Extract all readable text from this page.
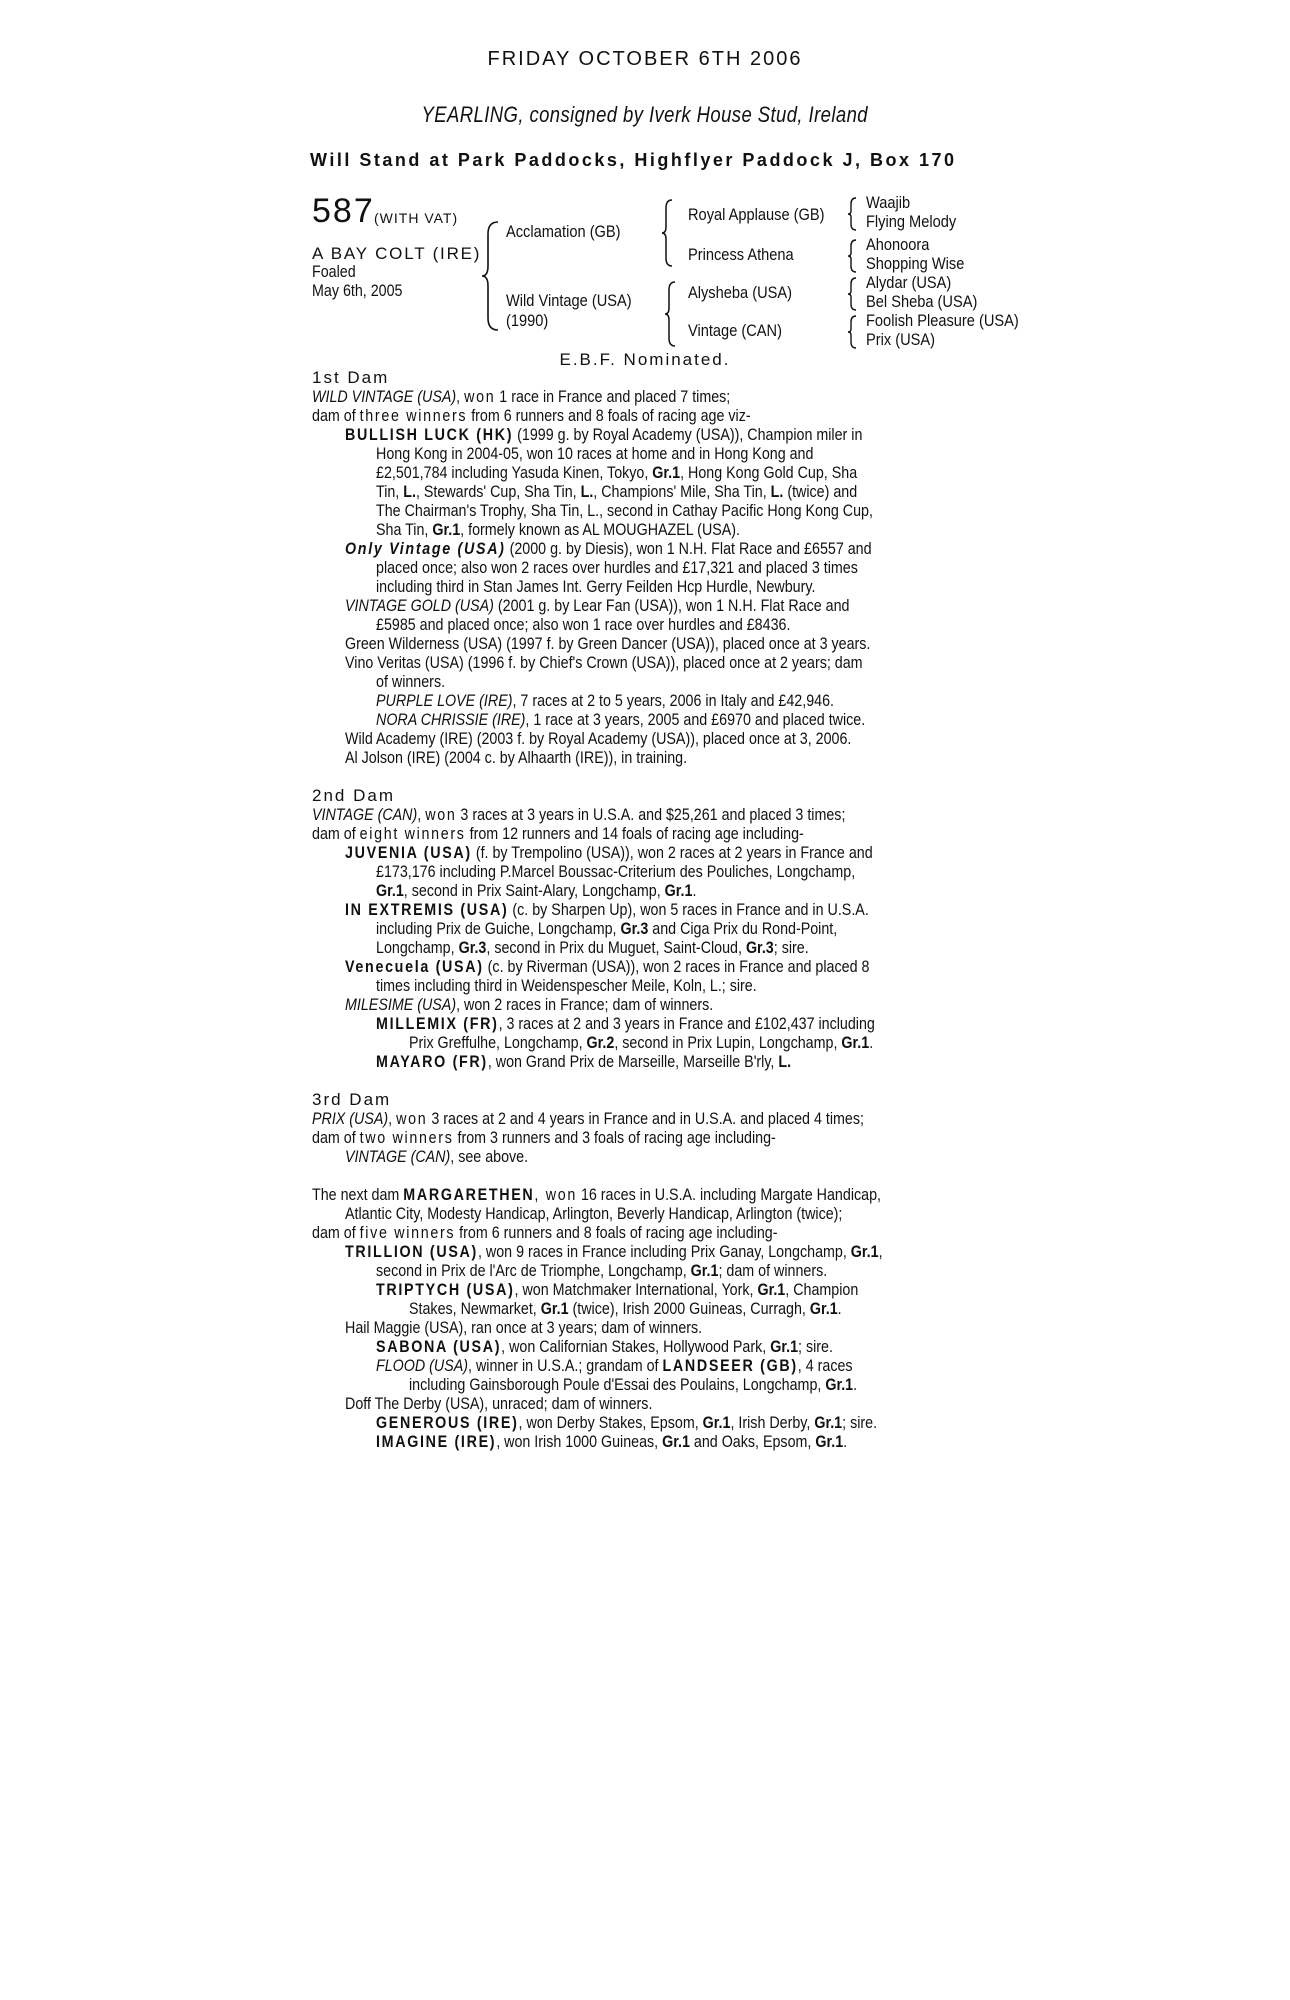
FRIDAY OCTOBER 6TH 2006
YEARLING, consigned by Iverk House Stud, Ireland
Will Stand at Park Paddocks, Highflyer Paddock J, Box 170
587 (WITH VAT)
A BAY COLT (IRE)
Foaled
May 6th, 2005
Acclamation (GB)
Wild Vintage (USA)
(1990)
Royal Applause (GB)
Princess Athena
Alysheba (USA)
Vintage (CAN)
Waajib
Flying Melody
Ahonoora
Shopping Wise
Alydar (USA)
Bel Sheba (USA)
Foolish Pleasure (USA)
Prix (USA)
E.B.F. Nominated.
1st Dam
WILD VINTAGE (USA), won 1 race in France and placed 7 times;
dam of three winners from 6 runners and 8 foals of racing age viz-
BULLISH LUCK (HK) (1999 g. by Royal Academy (USA)), Champion miler in
Hong Kong in 2004-05, won 10 races at home and in Hong Kong and
£2,501,784 including Yasuda Kinen, Tokyo, Gr.1, Hong Kong Gold Cup, Sha
Tin, L., Stewards' Cup, Sha Tin, L., Champions' Mile, Sha Tin, L. (twice) and
The Chairman's Trophy, Sha Tin, L., second in Cathay Pacific Hong Kong Cup,
Sha Tin, Gr.1, formely known as AL MOUGHAZEL (USA).
Only Vintage (USA) (2000 g. by Diesis), won 1 N.H. Flat Race and £6557 and
placed once; also won 2 races over hurdles and £17,321 and placed 3 times
including third in Stan James Int. Gerry Feilden Hcp Hurdle, Newbury.
VINTAGE GOLD (USA) (2001 g. by Lear Fan (USA)), won 1 N.H. Flat Race and
£5985 and placed once; also won 1 race over hurdles and £8436.
Green Wilderness (USA) (1997 f. by Green Dancer (USA)), placed once at 3 years.
Vino Veritas (USA) (1996 f. by Chief's Crown (USA)), placed once at 2 years; dam
of winners.
PURPLE LOVE (IRE), 7 races at 2 to 5 years, 2006 in Italy and £42,946.
NORA CHRISSIE (IRE), 1 race at 3 years, 2005 and £6970 and placed twice.
Wild Academy (IRE) (2003 f. by Royal Academy (USA)), placed once at 3, 2006.
Al Jolson (IRE) (2004 c. by Alhaarth (IRE)), in training.
2nd Dam
VINTAGE (CAN), won 3 races at 3 years in U.S.A. and $25,261 and placed 3 times;
dam of eight winners from 12 runners and 14 foals of racing age including-
JUVENIA (USA) (f. by Trempolino (USA)), won 2 races at 2 years in France and
£173,176 including P.Marcel Boussac-Criterium des Pouliches, Longchamp,
Gr.1, second in Prix Saint-Alary, Longchamp, Gr.1.
IN EXTREMIS (USA) (c. by Sharpen Up), won 5 races in France and in U.S.A.
including Prix de Guiche, Longchamp, Gr.3 and Ciga Prix du Rond-Point,
Longchamp, Gr.3, second in Prix du Muguet, Saint-Cloud, Gr.3; sire.
Venecuela (USA) (c. by Riverman (USA)), won 2 races in France and placed 8
times including third in Weidenspescher Meile, Koln, L.; sire.
MILESIME (USA), won 2 races in France; dam of winners.
MILLEMIX (FR), 3 races at 2 and 3 years in France and £102,437 including
Prix Greffulhe, Longchamp, Gr.2, second in Prix Lupin, Longchamp, Gr.1.
MAYARO (FR), won Grand Prix de Marseille, Marseille B'rly, L.
3rd Dam
PRIX (USA), won 3 races at 2 and 4 years in France and in U.S.A. and placed 4 times;
dam of two winners from 3 runners and 3 foals of racing age including-
VINTAGE (CAN), see above.
The next dam MARGARETHEN, won 16 races in U.S.A. including Margate Handicap,
Atlantic City, Modesty Handicap, Arlington, Beverly Handicap, Arlington (twice);
dam of five winners from 6 runners and 8 foals of racing age including-
TRILLION (USA), won 9 races in France including Prix Ganay, Longchamp, Gr.1,
second in Prix de l'Arc de Triomphe, Longchamp, Gr.1; dam of winners.
TRIPTYCH (USA), won Matchmaker International, York, Gr.1, Champion
Stakes, Newmarket, Gr.1 (twice), Irish 2000 Guineas, Curragh, Gr.1.
Hail Maggie (USA), ran once at 3 years; dam of winners.
SABONA (USA), won Californian Stakes, Hollywood Park, Gr.1; sire.
FLOOD (USA), winner in U.S.A.; grandam of LANDSEER (GB), 4 races
including Gainsborough Poule d'Essai des Poulains, Longchamp, Gr.1.
Doff The Derby (USA), unraced; dam of winners.
GENEROUS (IRE), won Derby Stakes, Epsom, Gr.1, Irish Derby, Gr.1; sire.
IMAGINE (IRE), won Irish 1000 Guineas, Gr.1 and Oaks, Epsom, Gr.1.
